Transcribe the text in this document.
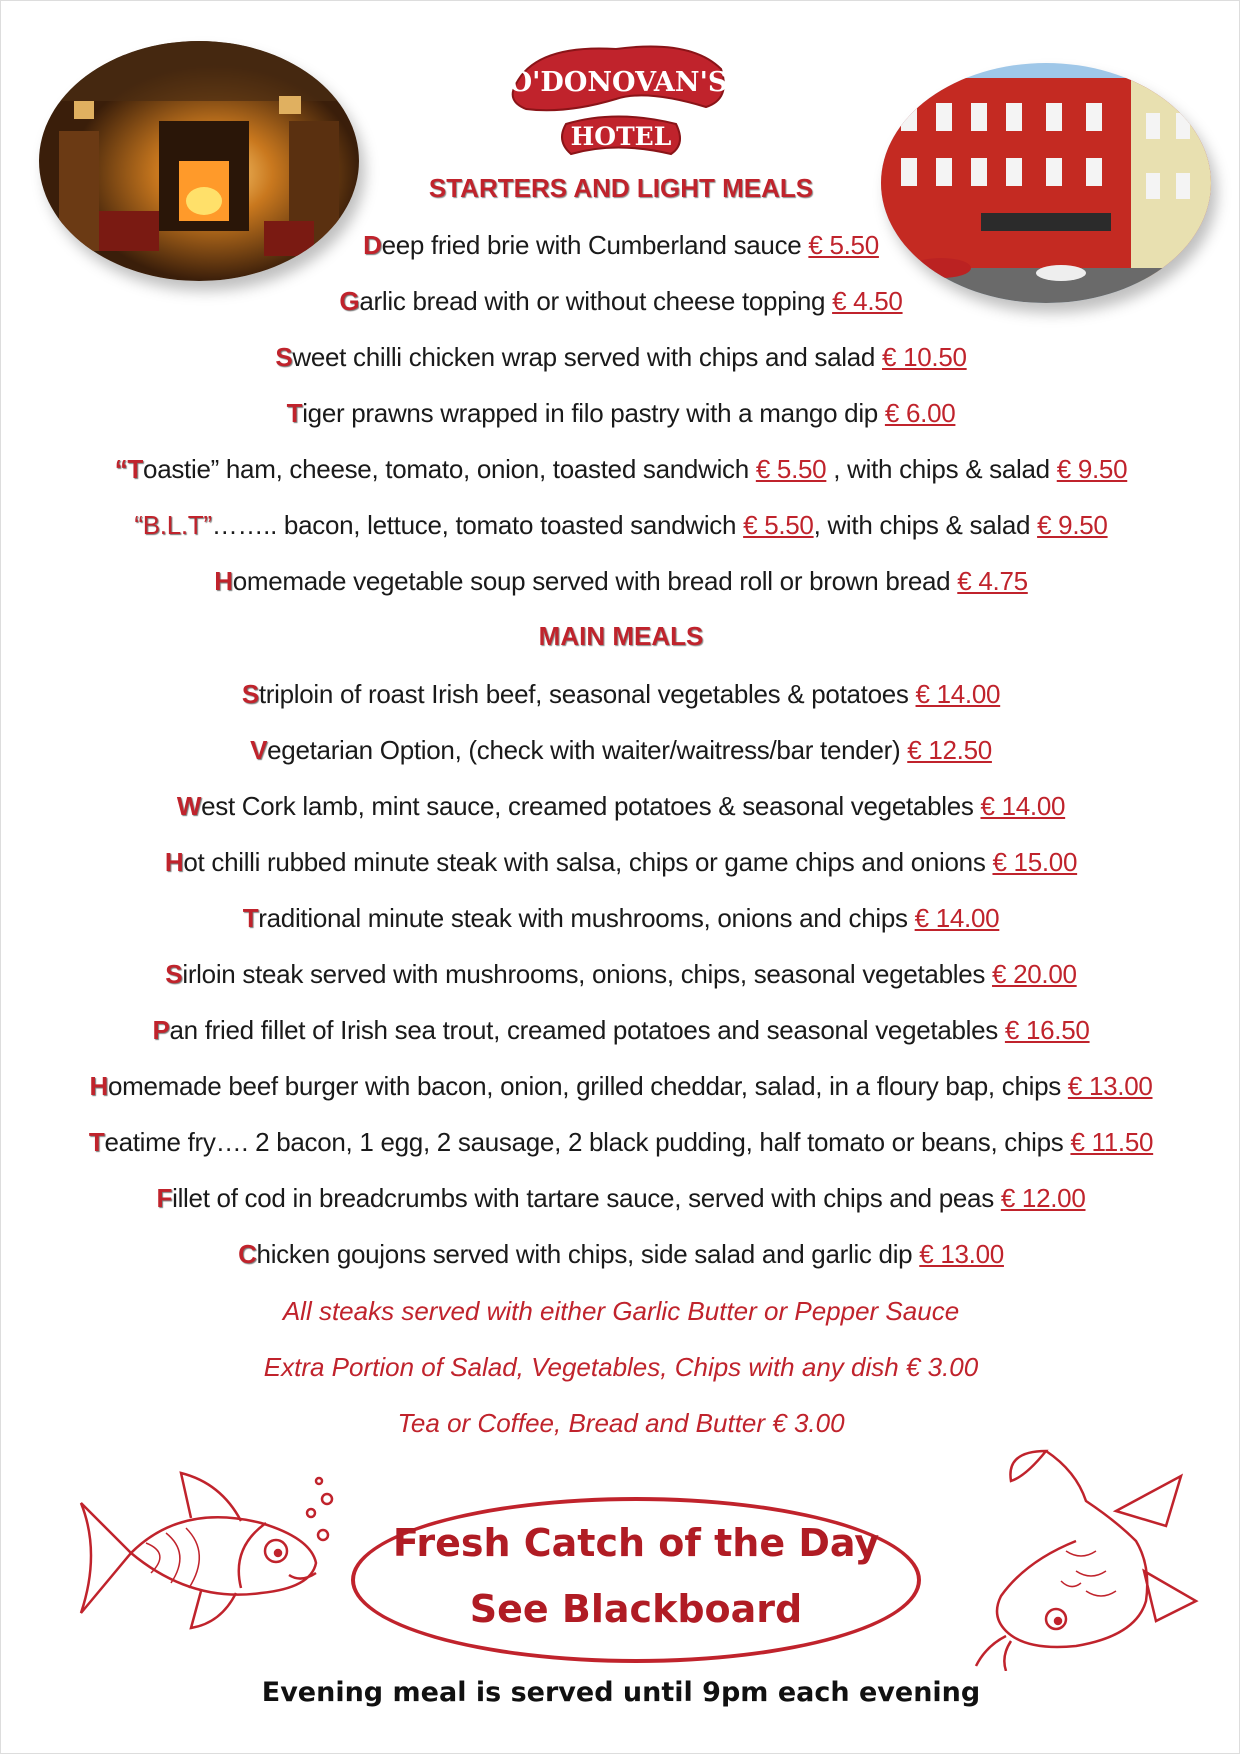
O'DONOVAN'S
HOTEL
STARTERS AND LIGHT MEALS
Deep fried brie with Cumberland sauce € 5.50
Garlic bread with or without cheese topping € 4.50
Sweet chilli chicken wrap served with chips and salad € 10.50
Tiger prawns wrapped in filo pastry with a mango dip € 6.00
“Toastie” ham, cheese, tomato, onion, toasted sandwich € 5.50 , with chips & salad € 9.50
“B.L.T”…….. bacon, lettuce, tomato toasted sandwich € 5.50, with chips & salad € 9.50
Homemade vegetable soup served with bread roll or brown bread € 4.75
MAIN MEALS
Striploin of roast Irish beef, seasonal vegetables & potatoes € 14.00
Vegetarian Option, (check with waiter/waitress/bar tender) € 12.50
West Cork lamb, mint sauce, creamed potatoes & seasonal vegetables € 14.00
Hot chilli rubbed minute steak with salsa, chips or game chips and onions € 15.00
Traditional minute steak with mushrooms, onions and chips € 14.00
Sirloin steak served with mushrooms, onions, chips, seasonal vegetables € 20.00
Pan fried fillet of Irish sea trout, creamed potatoes and seasonal vegetables € 16.50
Homemade beef burger with bacon, onion, grilled cheddar, salad, in a floury bap, chips € 13.00
Teatime fry…. 2 bacon, 1 egg, 2 sausage, 2 black pudding, half tomato or beans, chips € 11.50
Fillet of cod in breadcrumbs with tartare sauce, served with chips and peas € 12.00
Chicken goujons served with chips, side salad and garlic dip € 13.00
All steaks served with either Garlic Butter or Pepper Sauce
Extra Portion of Salad, Vegetables, Chips with any dish € 3.00
Tea or Coffee, Bread and Butter € 3.00
Fresh Catch of the Day
See Blackboard
Evening meal is served until 9pm each evening
